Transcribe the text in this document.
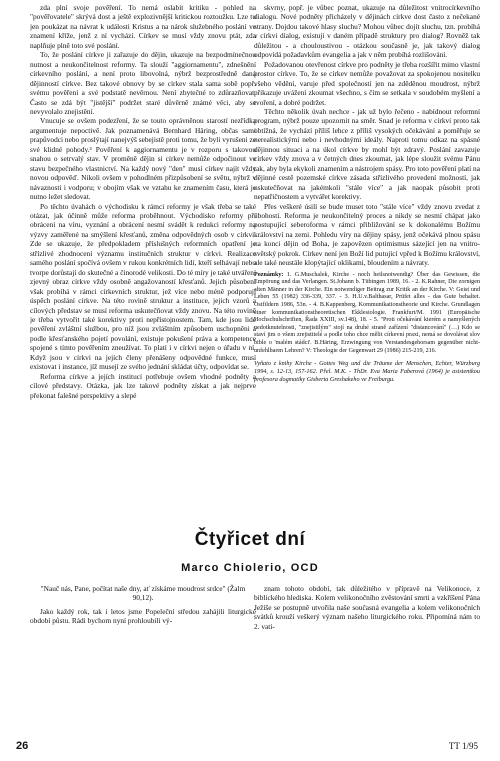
zda plní svoje pověření. To nemá oslabit kritiku - pohled na "pověřovatele" skrývá dost a ještě explozivnější kritickou roztoužku. Lze tu jen poukázat na návrat k události Kristus a na nárok služebného poslání ve znamení kříže, jenž z ní vychází. Církev se musí vždy znovu ptát, zda naplňuje plně toto své poslání.

To, že poslání církve ji zařazuje do dějin, ukazuje na bezpodmínečnou nutnost a neukončitelnost reformy. Ta slouží "aggiornamentu", zdnešnění církevního poslání, a není proto libovolná, nýbrž bezprostředně daná dějinností církve. Bez takové obnovy by se církev stala sama sobě popř. svému pověření a své podstatě nevěrnou. Není zbytečné to zdůrazňovat. Často se zdá být "jistější" podržet staré důvěrně známé věci, aby se nevyvolalo znejistění.

Vnucuje se ovšem podezření, že se touto oprávněnou starostí nezřídka argumentuje nepoctivě. Jak poznamenává Bernhard Häring, občas sami prapůvodci nebo proslýtají nanejvýš sebejistě proti tomu, že byli vyrušeni ze své klidné pohody.³ Pověření k aggiornamentu je v rozporu s takovou snahou o setrvalý stav. V proměně dějin si církev nemůže odpočinout ve stavu bezpečného vlastnictví. Na každý nový "den" musí církev najít vždy novou odpověď. Nikoli ovšem v pohodlném přizpůsobení se světu, nýbrž v návaznosti i vodporu; v obojím však ve vztahu ke znamením času, která je nutno ležet sledovat.

Po těchto úvahách o východisku k rámci reformy je však třeba se také otázat, jak účinně může reforma proběhnout. Východisko reformy při obrácení na víru, vyznání a obrácení nesmí svádět k redukci reformy na výzvy zaměřené na smýšlení křesťanů, změna odpovědných osob v církvi. Zde se ukazuje, že předpokladem příslušných reformních opatření je střízlivé zhodnocení významu institučních struktur v církvi. Realizace samého poslání spočívá ovšem v rukou konkrétních lidí, kteří selhávají nebo tvorpe dorůstají do skutečné a činorodé velikosti. Do té míry je také utváření zjevný obraz církve vždy osobně angažovaností křesťanů. Jejich působení však probíhá v rámci církevních struktur, jež více nebo méně podporují úspěch poslání církve. Na této rovině struktur a instituce, jejich vzorů a cílových představ se musí reforma uskutečňovat vždy znovu. Na této rovině je třeba vytvořit také korektivy proti nepřístojnostem. Tam, kde jsou lidé pověření zvláštní službou, pro níž jsou zvláštním způsobem uschopněni a podle křesťanského pojetí povolání, existuje pokušení práva a kompetence spojené s tímto pověřením zneužívat. To platí i v církvi nejen o úřadu v ní. Když jsou v církvi na jejích členy přenášeny odpovědné funkce, musí existovat i instance, jíž musejí ze svého jednání skládat účty, odpovídat se.

Reforma církve a jejích institucí potřebuje ovšem vhodné podněty a cílové představy. Otázka, jak lze takové podněty získat a jak nejprve překonat falešné perspektivy a slepé

skvrny, popř. je vůbec poznat, ukazuje na důležitost vnitrocírkevního dialogu. Nové podněty přicházely v dějinách církve dost často z nečekané strany. Dojdou takové hlasy sluchu? Mohou vůbec dojít sluchu, tzn. probíhá v církvi dialog, existují v daném případě struktury pro dialog? Rovněž tak důležitou - a chouloustivou - otázkou současně je, jak takový dialog odpovídá požadavkům evangelia a jak v něm probíhá rozlišování.

Požadovanou otevřenost církve pro podněty je třeba rozšířit mimo vlastní prostor církve. To, že se církev nemůže považovat za spokojenou nositelku všeho vědění, varuje před společností jen na zděděnou moudrost, nýbrž přikazuje uvážení zkoumat všechno, s čím se setkala v soudobém myšlení a tvoření, a dobré podržet.

Těchto několik úvah nechce - jak už bylo řečeno - nabídnout reformní program, nýbrž pouze upozornit na směr. Snad je reforma v církvi proto tak obtížná, že vychází příliš lehce z příliš vysokých očekávání a poměřuje se nerealistickými nebo i nevhodnými ideály. Naproti tomu odkaz na spásné dějinnou situaci a na úkol církve by mohl být zdravý. Poslání zavazuje církev vždy znova a v četných dnes zkoumat, jak lépe sloužit svému Pánu tak, aby byla ekykoli znamením a nástrojem spásy. Pro toto pověření platí na dějinné cestě pozemské církve zásada střízlivého provedení možností, jak uskutečňovat na jakémkoli "stále více" a jak naopak působit proti nepatřičnostem a vytvářet korektivy.

Přes veškeré úsilí se bude muset toto "stále více" vždy znovu zvedat z úbohosti. Reforma je neukončitelný proces a nikdy se nesmí chápat jako postupující seberoforma v rámci přibližování se k dokonalému Božímu království na zemi. Pohledu víry na dějiny spásy, jenž očekává plnou spásu na konci dějin od Boha, je zapovězen optimismus sázející jen na vnitrosvětský pokrok. Církev není jen Boží lid putující vpřed k Božímu království, ale také neustále klopýtající oklikami, bloudením a návraty.

Poznámky: 1. G.Muschalek, Kirche - noch heilsnotwendig? Über das Gewissen, die Empörung und das Verlangen. St.Johann b. Tübingen 1989, 16. - 2. K.Rahner, Die zornigen alten Männer in der Kirche. Ein notwendiger Beitrag zur Kritik an der Kirche. V: Geist und Leben 55 (1982) 336-339, 337. - 3. H.U.v.Balthasar, Prüfet alles - das Gute behaltet. Ostfildern 1986, 53n. - 4. B.Kappenberg, Kommunikationstheorie und Kirche. Grundlagen einer kommunikationstheoretischen Ekklesiologie. Frankfurt/M. 1991 (Europäische Hochschulschriften, Řada XXIII, sv.148), 18. - 5. "Proti očekávání kterém a namyšlených nedotknutelnosti, "znejistilým" stojí na druhé straně zařízení "distancování" (…) Kdo se staví jim o všem zrejistitelé a podle toho chce mělit církevní praxi, nemá se dovolávat slov bible o 'malém stádci'. B.Häring, Erzwingung von Verstandesgehorsam gegenüber nicht-unfehlbaren Lehren? V: Theologie der Gegenwart 29 (1986) 215-219, 216.

Vyňato z knihy Kirche - Gottes Weg und die Träume der Menschen, Echter, Würzburg 1994, s. 12-13, 157-162. Přel. M.K. - ThDr. Eva Maria Faberová (1964) je asistentkou profesora dogmatiky Gisberta Greshakeho ve Freiburgu.

Čtyřicet dní
Marco Chiolerio, OCD

"Nauč nás, Pane, počítat naše dny, ať získáme moudrost srdce" (Žalm 90,12).

Jako každý rok, tak i letos jsme Popeleční středou zahájili liturgické období půstu. Rádi bychom nyní prohloubili vý-

znam tohoto období, tak důležitého v přípravě na Velikonoce, z biblického hlediska. Kolem velikonočního zvěstování smrti a vzkříšení Pána Ježíše se postupně utvořila naše současná evangelia a kolem velikonočních svátků krouží veškerý význam našeho liturgického roku. Připomíná nám to 2. vati-

26	TT 1/95
